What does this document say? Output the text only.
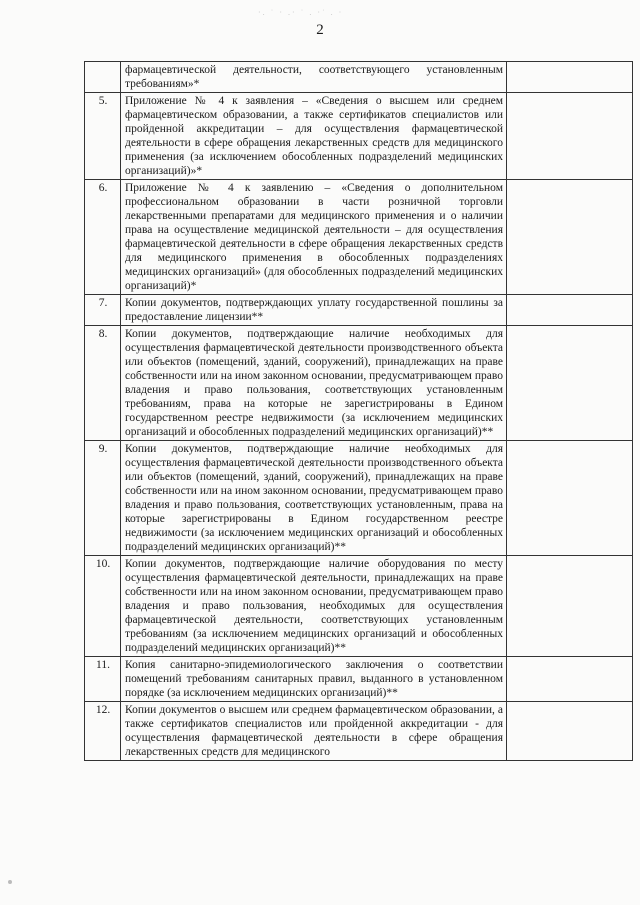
·. ˙ · .· ˙ . ·˙ . ·
2
	фармацевтической деятельности, соответствующего установленным требованиям»*	
5.	Приложение № 4 к заявления – «Сведения о высшем или среднем фармацевтическом образовании, а также сертификатов специалистов или пройденной аккредитации – для осуществления фармацевтической деятельности в сфере обращения лекарственных средств для медицинского применения (за исключением обособленных подразделений медицинских организаций)»*	
6.	Приложение № 4 к заявлению – «Сведения о дополнительном профессиональном образовании в части розничной торговли лекарственными препаратами для медицинского применения и о наличии права на осуществление медицинской деятельности – для осуществления фармацевтической деятельности в сфере обращения лекарственных средств для медицинского применения в обособленных подразделениях медицинских организаций» (для обособленных подразделений медицинских организаций)*	
7.	Копии документов, подтверждающих уплату государственной пошлины за предоставление лицензии**	
8.	Копии документов, подтверждающие наличие необходимых для осуществления фармацевтической деятельности производственного объекта или объектов (помещений, зданий, сооружений), принадлежащих на праве собственности или на ином законном основании, предусматривающем право владения и право пользования, соответствующих установленным требованиям, права на которые не зарегистрированы в Едином государственном реестре недвижимости (за исключением медицинских организаций и обособленных подразделений медицинских организаций)**	
9.	Копии документов, подтверждающие наличие необходимых для осуществления фармацевтической деятельности производственного объекта или объектов (помещений, зданий, сооружений), принадлежащих на праве собственности или на ином законном основании, предусматривающем право владения и право пользования, соответствующих установленным, права на которые зарегистрированы в Едином государственном реестре недвижимости (за исключением медицинских организаций и обособленных подразделений медицинских организаций)**	
10.	Копии документов, подтверждающие наличие оборудования по месту осуществления фармацевтической деятельности, принадлежащих на праве собственности или на ином законном основании, предусматривающем право владения и право пользования, необходимых для осуществления фармацевтической деятельности, соответствующих установленным требованиям (за исключением медицинских организаций и обособленных подразделений медицинских организаций)**	
11.	Копия санитарно-эпидемиологического заключения о соответствии помещений требованиям санитарных правил, выданного в установленном порядке (за исключением медицинских организаций)**	
12.	Копии документов о высшем или среднем фармацевтическом образовании, а также сертификатов специалистов или пройденной аккредитации - для осуществления фармацевтической деятельности в сфере обращения лекарственных средств для медицинского	
